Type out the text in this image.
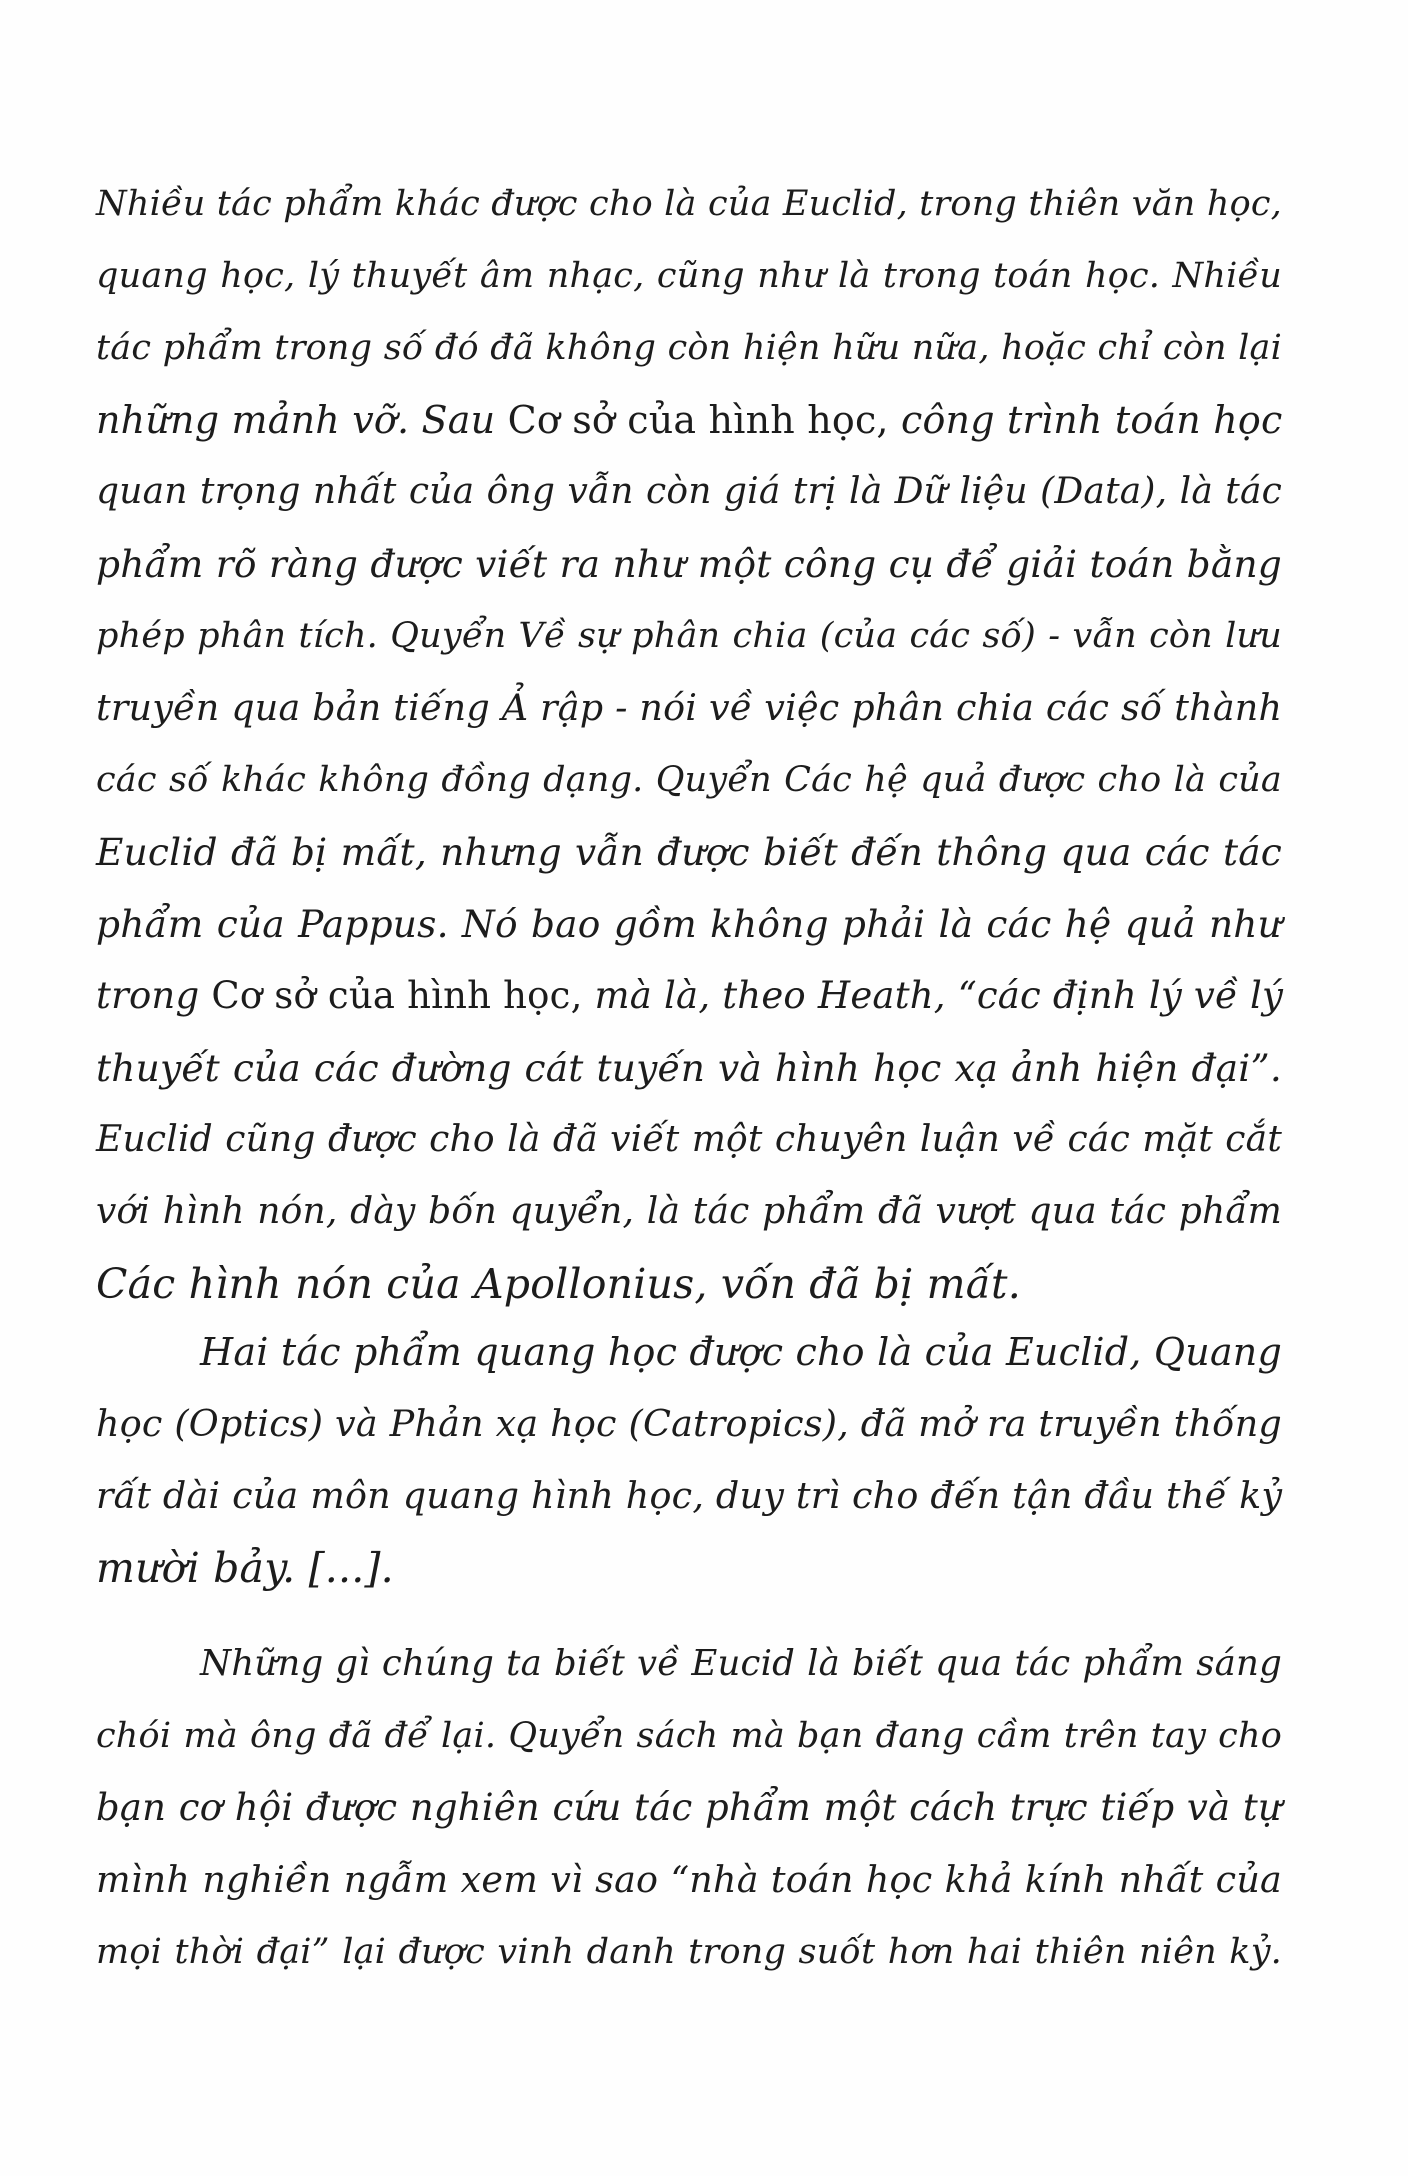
Nhiều tác phẩm khác được cho là của Euclid, trong thiên văn học,
quang học, lý thuyết âm nhạc, cũng như là trong toán học. Nhiều
tác phẩm trong số đó đã không còn hiện hữu nữa, hoặc chỉ còn lại
những mảnh vỡ. Sau Cơ sở của hình học, công trình toán học
quan trọng nhất của ông vẫn còn giá trị là Dữ liệu (Data), là tác
phẩm rõ ràng được viết ra như một công cụ để giải toán bằng
phép phân tích. Quyển Về sự phân chia (của các số) - vẫn còn lưu
truyền qua bản tiếng Ả rập - nói về việc phân chia các số thành
các số khác không đồng dạng. Quyển Các hệ quả được cho là của
Euclid đã bị mất, nhưng vẫn được biết đến thông qua các tác
phẩm của Pappus. Nó bao gồm không phải là các hệ quả như
trong Cơ sở của hình học, mà là, theo Heath, “các định lý về lý
thuyết của các đường cát tuyến và hình học xạ ảnh hiện đại”.
Euclid cũng được cho là đã viết một chuyên luận về các mặt cắt
với hình nón, dày bốn quyển, là tác phẩm đã vượt qua tác phẩm
Các hình nón của Apollonius, vốn đã bị mất.
Hai tác phẩm quang học được cho là của Euclid, Quang
học (Optics) và Phản xạ học (Catropics), đã mở ra truyền thống
rất dài của môn quang hình học, duy trì cho đến tận đầu thế kỷ
mười bảy. [...].
Những gì chúng ta biết về Eucid là biết qua tác phẩm sáng
chói mà ông đã để lại. Quyển sách mà bạn đang cầm trên tay cho
bạn cơ hội được nghiên cứu tác phẩm một cách trực tiếp và tự
mình nghiền ngẫm xem vì sao “nhà toán học khả kính nhất của
mọi thời đại” lại được vinh danh trong suốt hơn hai thiên niên kỷ.
